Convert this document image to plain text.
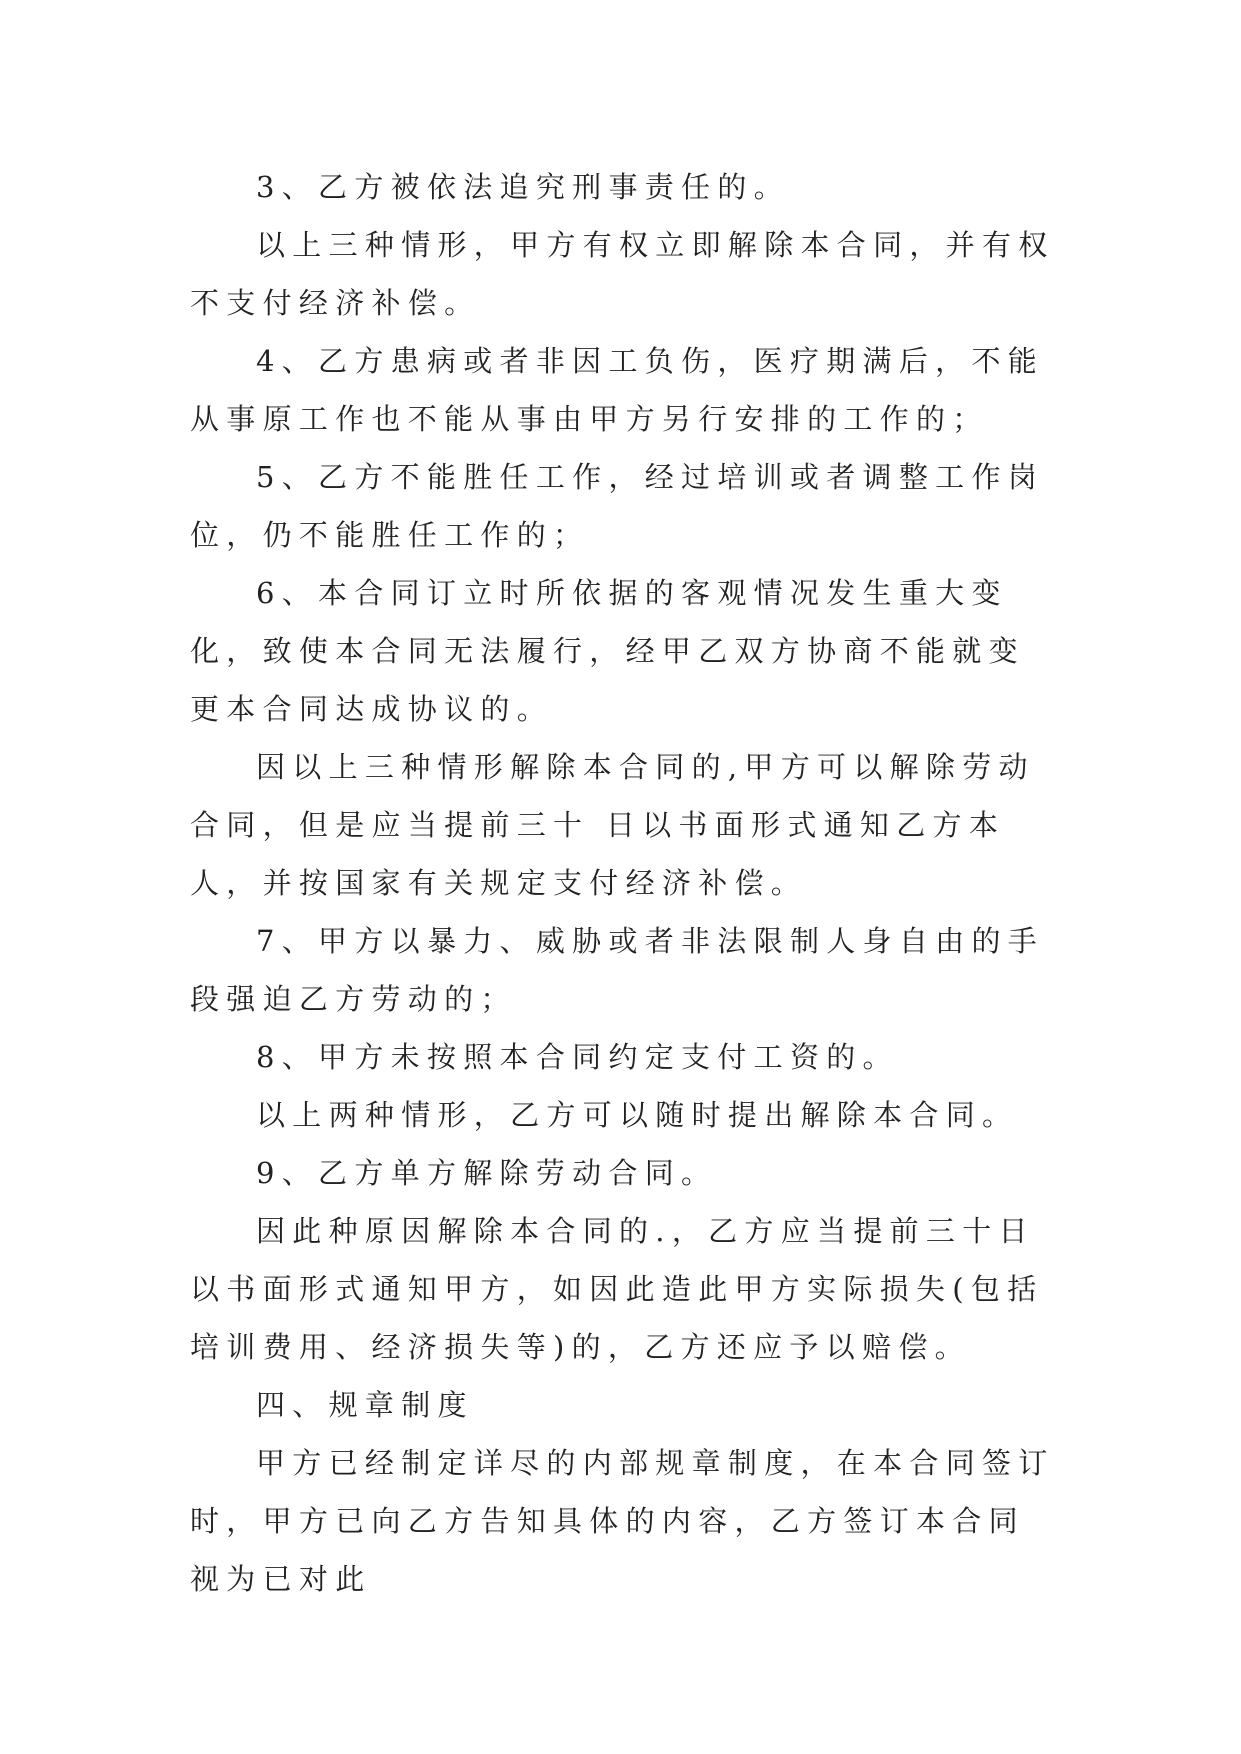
3、乙方被依法追究刑事责任的。

以上三种情形，甲方有权立即解除本合同，并有权不支付经济补偿。

4、乙方患病或者非因工负伤，医疗期满后，不能从事原工作也不能从事由甲方另行安排的工作的；

5、乙方不能胜任工作，经过培训或者调整工作岗位，仍不能胜任工作的；

6、本合同订立时所依据的客观情况发生重大变化，致使本合同无法履行，经甲乙双方协商不能就变更本合同达成协议的。

因以上三种情形解除本合同的,甲方可以解除劳动合同，但是应当提前三十 日以书面形式通知乙方本人，并按国家有关规定支付经济补偿。

7、甲方以暴力、威胁或者非法限制人身自由的手段强迫乙方劳动的；

8、甲方未按照本合同约定支付工资的。

以上两种情形，乙方可以随时提出解除本合同。

9、乙方单方解除劳动合同。

因此种原因解除本合同的.，乙方应当提前三十日以书面形式通知甲方，如因此造此甲方实际损失(包括培训费用、经济损失等)的，乙方还应予以赔偿。

四、规章制度

甲方已经制定详尽的内部规章制度，在本合同签订时，甲方已向乙方告知具体的内容，乙方签订本合同视为已对此
